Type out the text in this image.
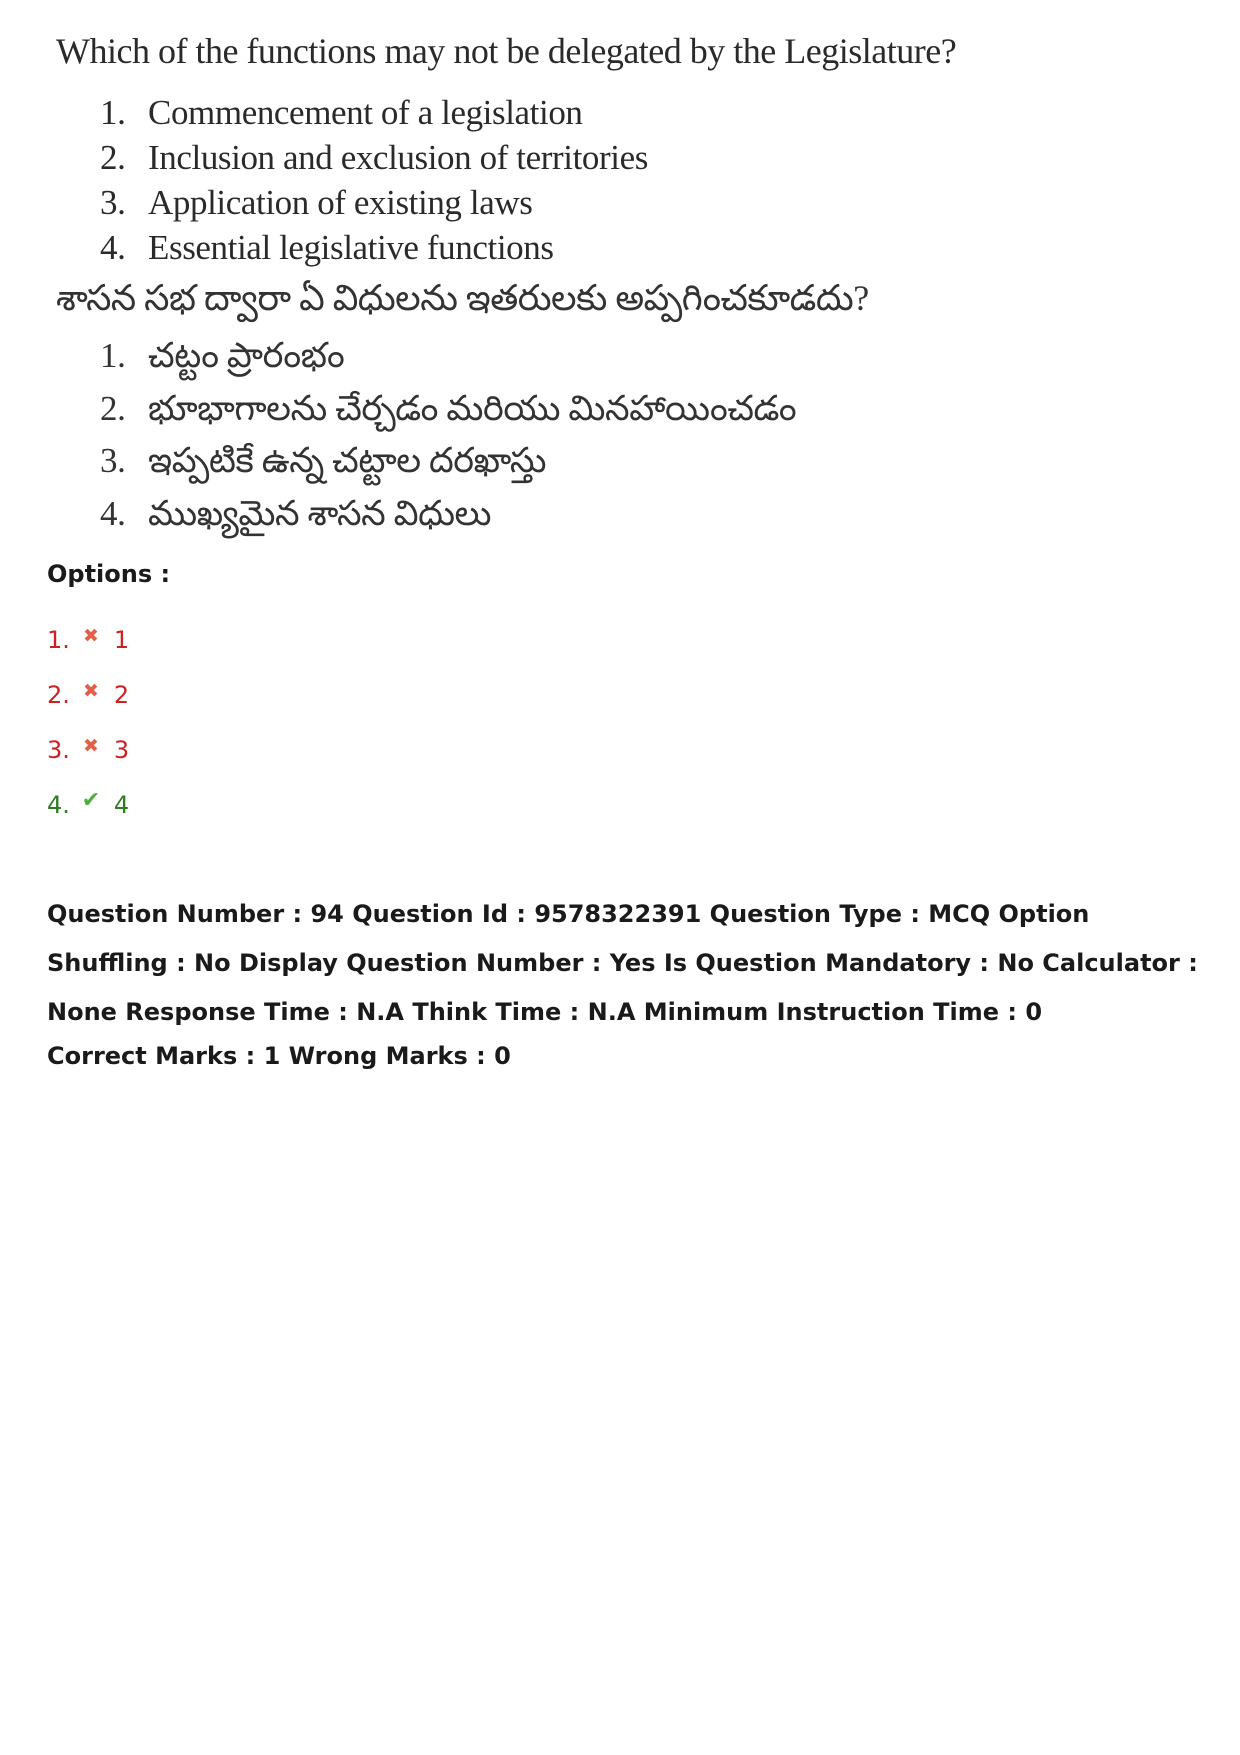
Which of the functions may not be delegated by the Legislature?
1. Commencement of a legislation
2. Inclusion and exclusion of territories
3. Application of existing laws
4. Essential legislative functions
శాసన సభ ద్వారా ఏ విధులను ఇతరులకు అప్పగించకూడదు?
1. చట్టం ప్రారంభం
2. భూభాగాలను చేర్చడం మరియు మినహాయించడం
3. ఇప్పటికే ఉన్న చట్టాల దరఖాస్తు
4. ముఖ్యమైన శాసన విధులు

Options :

1. ✖ 1
2. ✖ 2
3. ✖ 3
4. ✔ 4

Question Number : 94 Question Id : 9578322391 Question Type : MCQ Option Shuffling : No Display Question Number : Yes Is Question Mandatory : No Calculator : None Response Time : N.A Think Time : N.A Minimum Instruction Time : 0

Correct Marks : 1 Wrong Marks : 0
